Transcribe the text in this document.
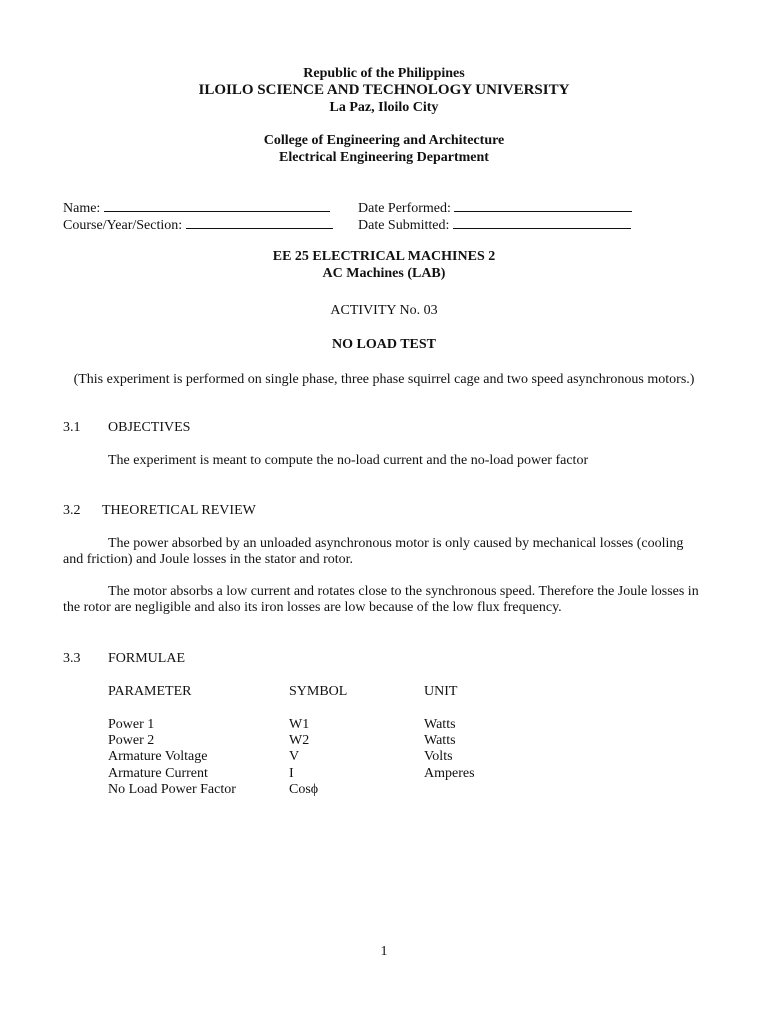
Republic of the Philippines
ILOILO SCIENCE AND TECHNOLOGY UNIVERSITY
La Paz, Iloilo City
College of Engineering and Architecture
Electrical Engineering Department
Name:
Course/Year/Section:
Date Performed:
Date Submitted:
EE 25 ELECTRICAL MACHINES 2
AC Machines (LAB)
ACTIVITY No. 03
NO LOAD TEST
(This experiment is performed on single phase, three phase squirrel cage and two speed asynchronous motors.)
3.1 OBJECTIVES
The experiment is meant to compute the no-load current and the no-load power factor
3.2 THEORETICAL REVIEW
The power absorbed by an unloaded asynchronous motor is only caused by mechanical losses (cooling and friction) and Joule losses in the stator and rotor.
The motor absorbs a low current and rotates close to the synchronous speed. Therefore the Joule losses in the rotor are negligible and also its iron losses are low because of the low flux frequency.
3.3 FORMULAE
PARAMETER	SYMBOL	UNIT
Power 1	W1	Watts
Power 2	W2	Watts
Armature Voltage	V	Volts
Armature Current	I	Amperes
No Load Power Factor	Cosϕ
1
